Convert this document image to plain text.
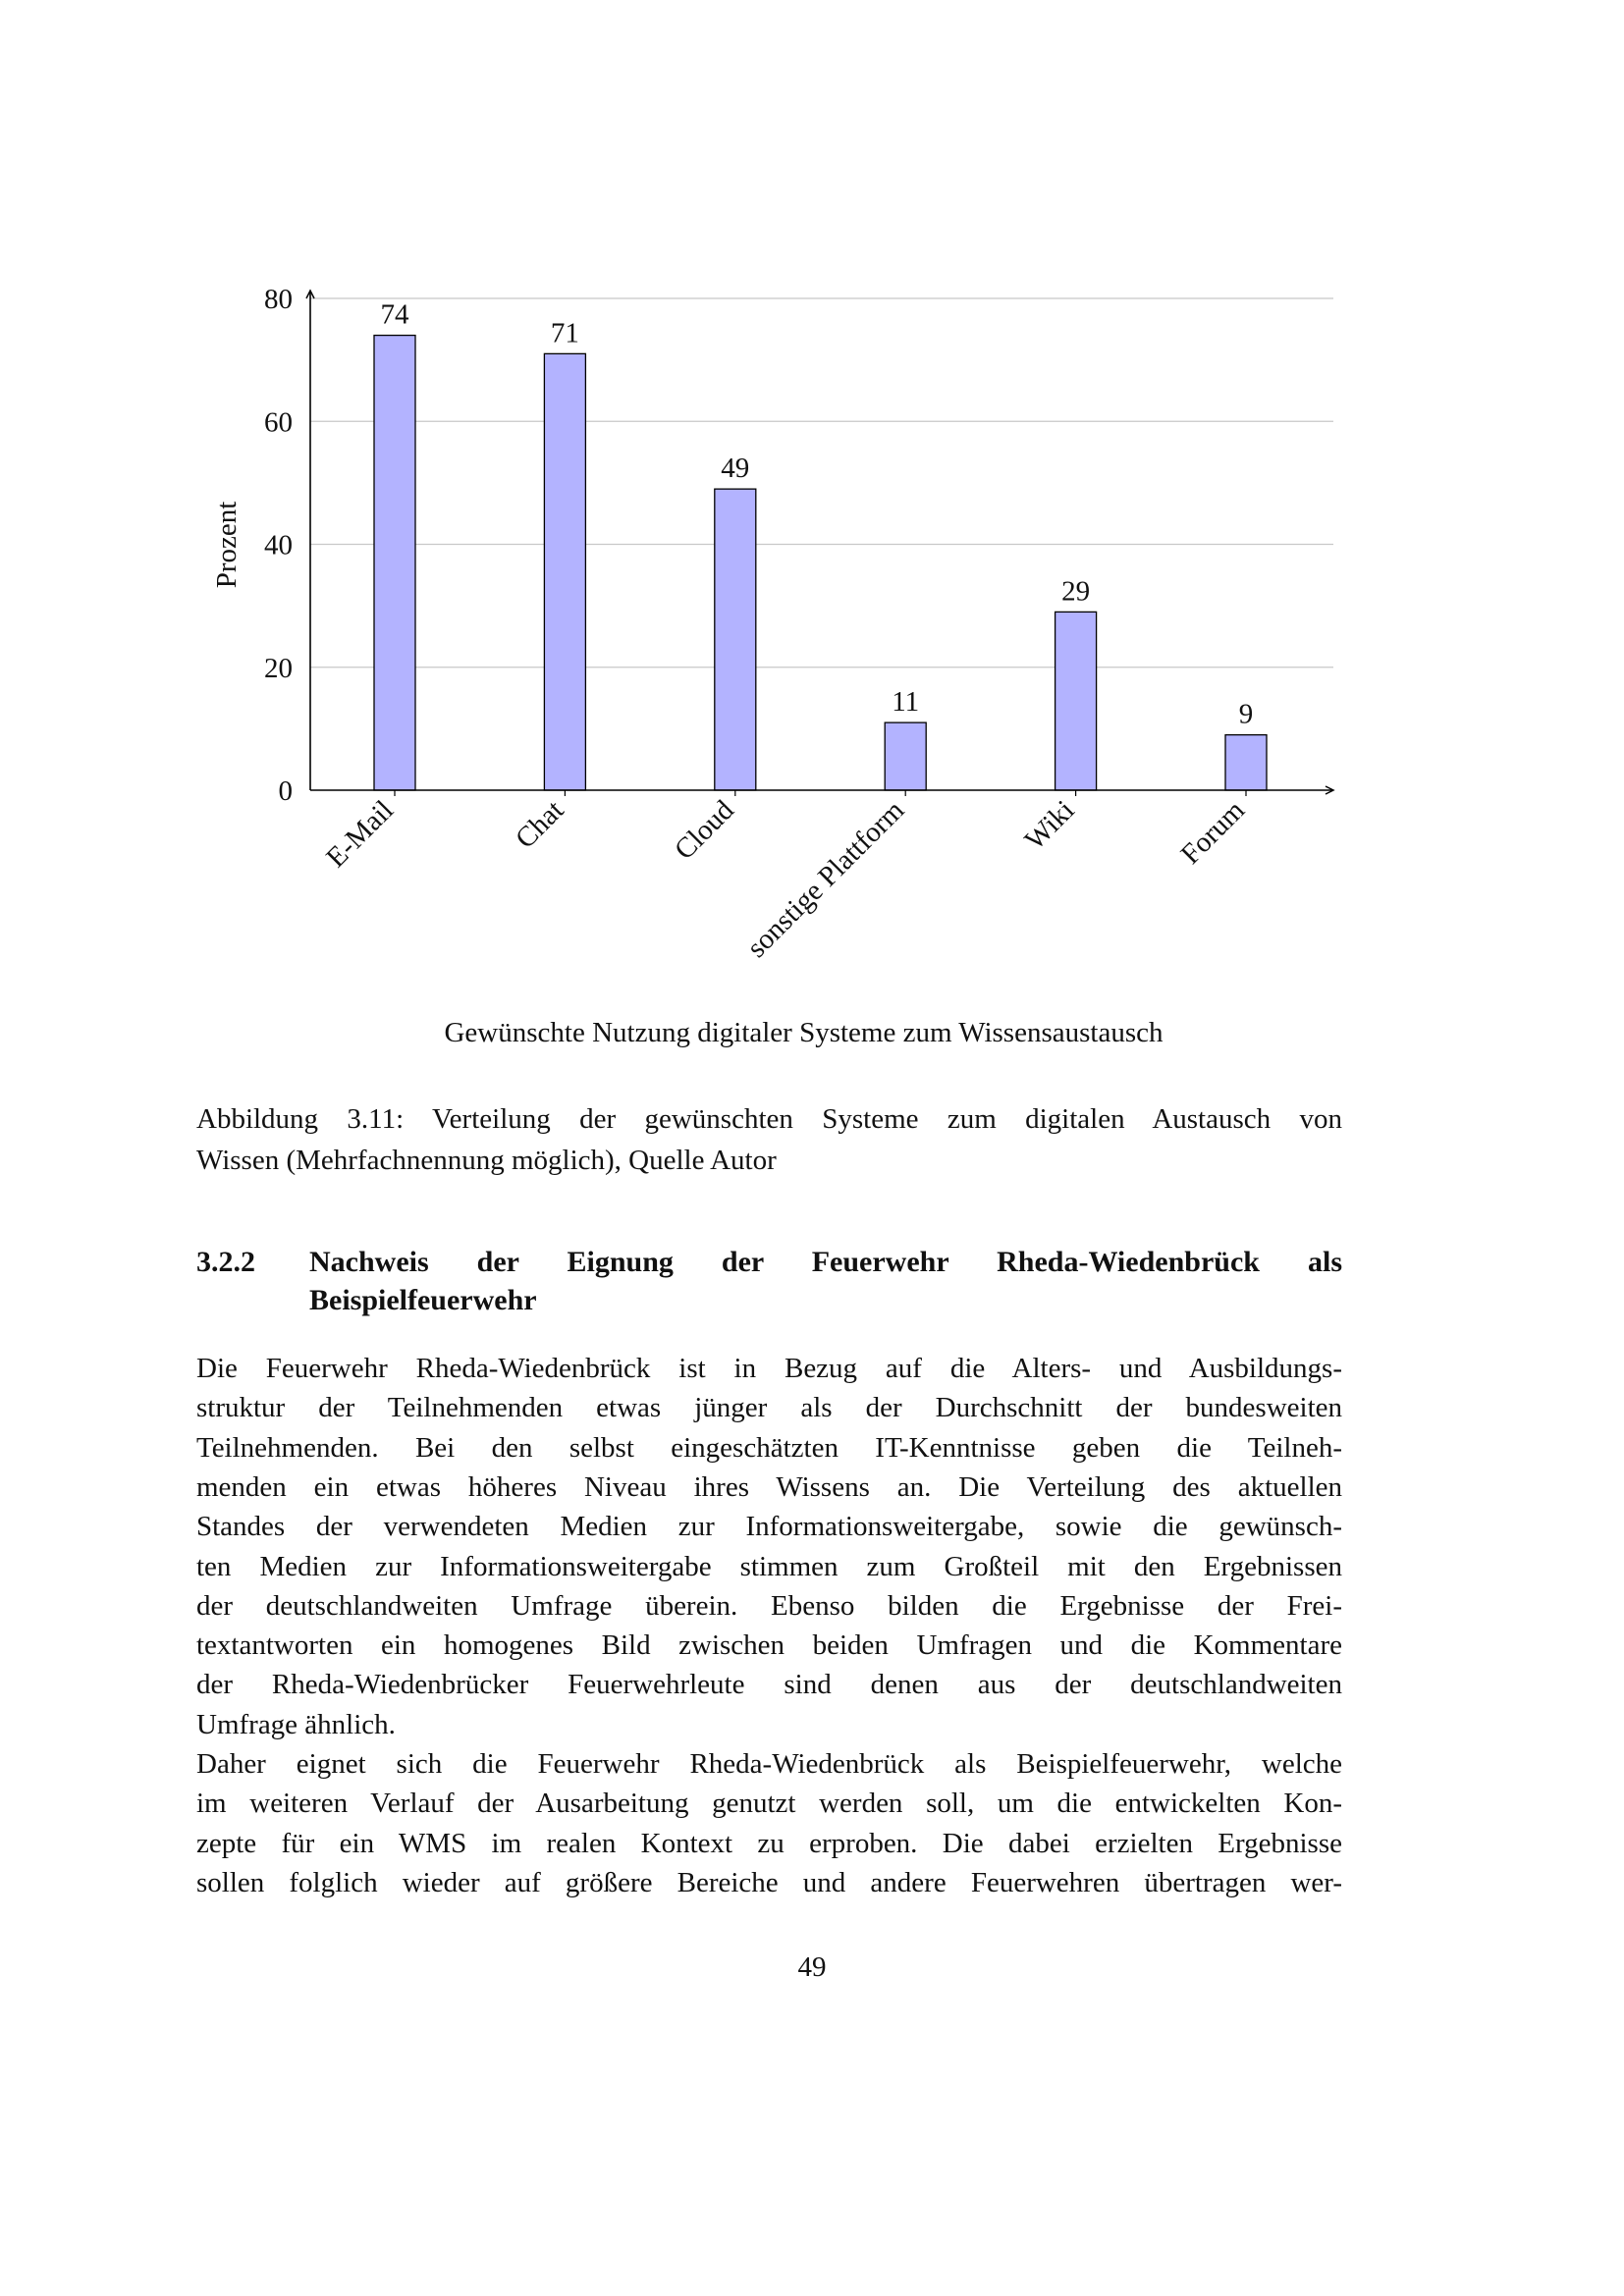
0
20
40
60
80	74
E-Mail
71
Chat
49
Cloud
11
sonstige Plattform
29
Wiki
9
Forum
Prozent
Gewünschte Nutzung digitaler Systeme zum Wissensaustausch
Abbildung 3.11: Verteilung der gewünschten Systeme zum digitalen Austausch von
Wissen (Mehrfachnennung möglich), Quelle Autor
3.2.2 Nachweis der Eignung der Feuerwehr Rheda-Wiedenbrück als
Beispielfeuerwehr
Die Feuerwehr Rheda-Wiedenbrück ist in Bezug auf die Alters- und Ausbildungs-
struktur der Teilnehmenden etwas jünger als der Durchschnitt der bundesweiten
Teilnehmenden. Bei den selbst eingeschätzten IT-Kenntnisse geben die Teilneh-
menden ein etwas höheres Niveau ihres Wissens an. Die Verteilung des aktuellen
Standes der verwendeten Medien zur Informationsweitergabe, sowie die gewünsch-
ten Medien zur Informationsweitergabe stimmen zum Großteil mit den Ergebnissen
der deutschlandweiten Umfrage überein. Ebenso bilden die Ergebnisse der Frei-
textantworten ein homogenes Bild zwischen beiden Umfragen und die Kommentare
der Rheda-Wiedenbrücker Feuerwehrleute sind denen aus der deutschlandweiten
Umfrage ähnlich.
Daher eignet sich die Feuerwehr Rheda-Wiedenbrück als Beispielfeuerwehr, welche
im weiteren Verlauf der Ausarbeitung genutzt werden soll, um die entwickelten Kon-
zepte für ein WMS im realen Kontext zu erproben. Die dabei erzielten Ergebnisse
sollen folglich wieder auf größere Bereiche und andere Feuerwehren übertragen wer-
49
